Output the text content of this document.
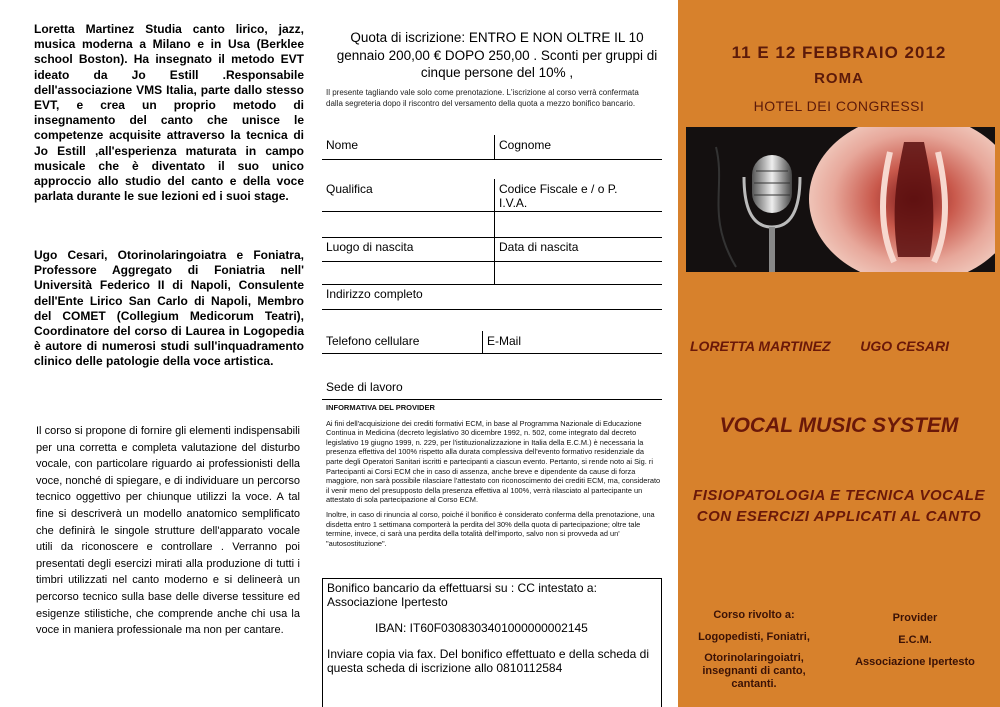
Loretta Martinez Studia canto lirico, jazz, musica moderna a Milano e in Usa (Berklee school Boston). Ha insegnato il metodo EVT ideato da Jo Estill .Responsabile dell'associazione VMS Italia, parte dallo stesso EVT, e crea un proprio metodo di insegnamento del canto che unisce le competenze acquisite attraverso la tecnica di Jo Estill ,all'esperienza maturata in campo musicale che è diventato il suo unico approccio allo studio del canto e della voce parlata durante le sue lezioni ed i suoi stage.
Ugo Cesari, Otorinolaringoiatra e Foniatra, Professore Aggregato di Foniatria nell' Università Federico II di Napoli, Consulente dell'Ente Lirico San Carlo di Napoli, Membro del COMET (Collegium Medicorum Teatri), Coordinatore del corso di Laurea in Logopedia è autore di numerosi studi sull'inquadramento clinico delle patologie della voce artistica.
Il corso si propone di fornire gli elementi indispensabili per una corretta e completa valutazione del disturbo vocale, con particolare riguardo ai professionisti della voce, nonché di spiegare, e di individuare un percorso tecnico oggettivo per chiunque utilizzi la voce. A tal fine si descriverà un modello anatomico semplificato che definirà le singole strutture dell'apparato vocale utili da riconoscere e controllare . Verranno poi presentati degli esercizi mirati alla produzione di tutti i timbri utilizzati nel canto moderno e si delineerà un percorso tecnico sulla base delle diverse tessiture ed esigenze stilistiche, che comprende anche chi usa la voce in maniera professionale ma non per cantare.
Quota di iscrizione: ENTRO E NON OLTRE IL 10 gennaio 200,00 € DOPO 250,00 . Sconti per gruppi di cinque persone del 10% ,
Il presente tagliando vale solo come prenotazione. L'iscrizione al corso verrà confermata dalla segreteria dopo il riscontro del versamento della quota a mezzo bonifico bancario.
Nome	Cognome
Qualifica	Codice Fiscale e / o P. I.V.A.
Luogo di nascita	Data di nascita
Indirizzo completo
Telefono cellulare	E-Mail
Sede di lavoro
INFORMATIVA DEL PROVIDER

Ai fini dell'acquisizione dei crediti formativi ECM, in base al Programma Nazionale di Educazione Continua in Medicina (decreto legislativo 30 dicembre 1992, n. 502, come integrato dal decreto legislativo 19 giugno 1999, n. 229, per l'istituzionalizzazione in Italia della E.C.M.) è necessaria la presenza effettiva del 100% rispetto alla durata complessiva dell'evento formativo residenziale da parte degli Operatori Sanitari iscritti e partecipanti a ciascun evento. Pertanto, si rende noto ai Sig. ri Partecipanti ai Corsi ECM che in caso di assenza, anche breve e dipendente da cause di forza maggiore, non sarà possibile rilasciare l'attestato con riconoscimento dei crediti ECM, ma, considerato il venir meno del presupposto della presenza effettiva al 100%, verrà rilasciato al partecipante un attestato di sola partecipazione al Corso ECM.

Inoltre, in caso di rinuncia al corso, poiché il bonifico è considerato conferma della prenotazione, una disdetta entro 1 settimana comporterà la perdita del 30% della quota di partecipazione; oltre tale termine, invece, ci sarà una perdita della totalità dell'importo, salvo non si provveda ad un' "autosostituzione".

Bonifico bancario da effettuarsi su : CC intestato a:
Associazione Ipertesto
IBAN: IT60F0308303401000000002145
Inviare copia via fax. Del bonifico effettuato e della scheda di questa scheda di iscrizione allo 0810112584
11 E 12 FEBBRAIO 2012
ROMA
HOTEL DEI CONGRESSI
LORETTA MARTINEZ UGO CESARI
VOCAL MUSIC SYSTEM
FISIOPATOLOGIA E TECNICA VOCALE CON ESERCIZI APPLICATI AL CANTO
Corso rivolto a:
Logopedisti, Foniatri,
Otorinolaringoiatri, insegnanti di canto, cantanti.
Provider
E.C.M.
Associazione Ipertesto
